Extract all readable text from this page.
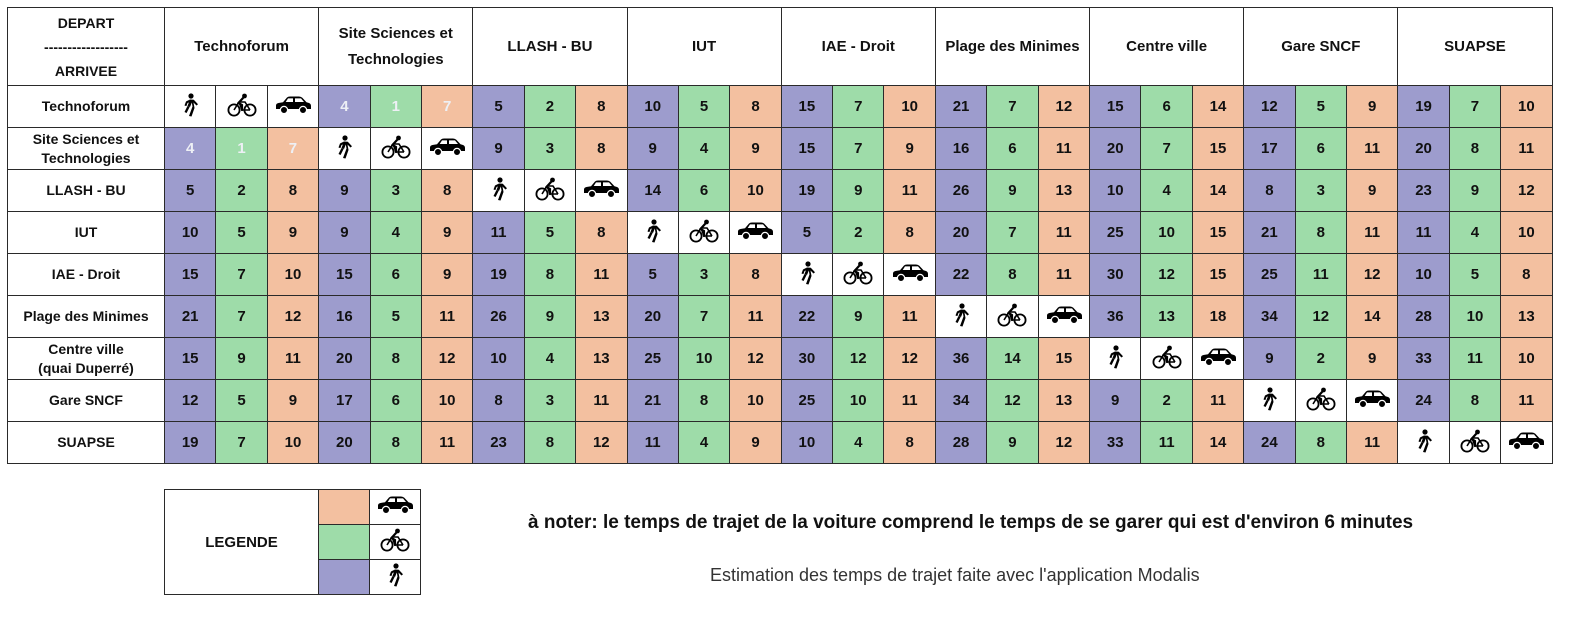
DEPART
------------------
ARRIVEE	Technoforum			Site Sciences et Technologies			LLASH - BU			IUT			IAE - Droit			Plage des Minimes			Centre ville			Gare SNCF			SUAPSE		

Technoforum				4	1	7	5	2	8	10	5	8	15	7	10	21	7	12	15	6	14	12	5	9	19	7	10

Site Sciences et
Technologies	4	1	7				9	3	8	9	4	9	15	7	9	16	6	11	20	7	15	17	6	11	20	8	11

LLASH - BU	5	2	8	9	3	8				14	6	10	19	9	11	26	9	13	10	4	14	8	3	9	23	9	12

IUT	10	5	9	9	4	9	11	5	8				5	2	8	20	7	11	25	10	15	21	8	11	11	4	10

IAE - Droit	15	7	10	15	6	9	19	8	11	5	3	8				22	8	11	30	12	15	25	11	12	10	5	8

Plage des Minimes	21	7	12	16	5	11	26	9	13	20	7	11	22	9	11				36	13	18	34	12	14	28	10	13

Centre ville
(quai Duperré)	15	9	11	20	8	12	10	4	13	25	10	12	30	12	12	36	14	15				9	2	9	33	11	10

Gare SNCF	12	5	9	17	6	10	8	3	11	21	8	10	25	10	11	34	12	13	9	2	11				24	8	11

SUAPSE	19	7	10	20	8	11	23	8	12	11	4	9	10	4	8	28	9	12	33	11	14	24	8	11			
LEGENDE		

à noter: le temps de trajet de la voiture comprend le temps de se garer qui est d'environ 6 minutes
Estimation des temps de trajet faite avec l'application Modalis
